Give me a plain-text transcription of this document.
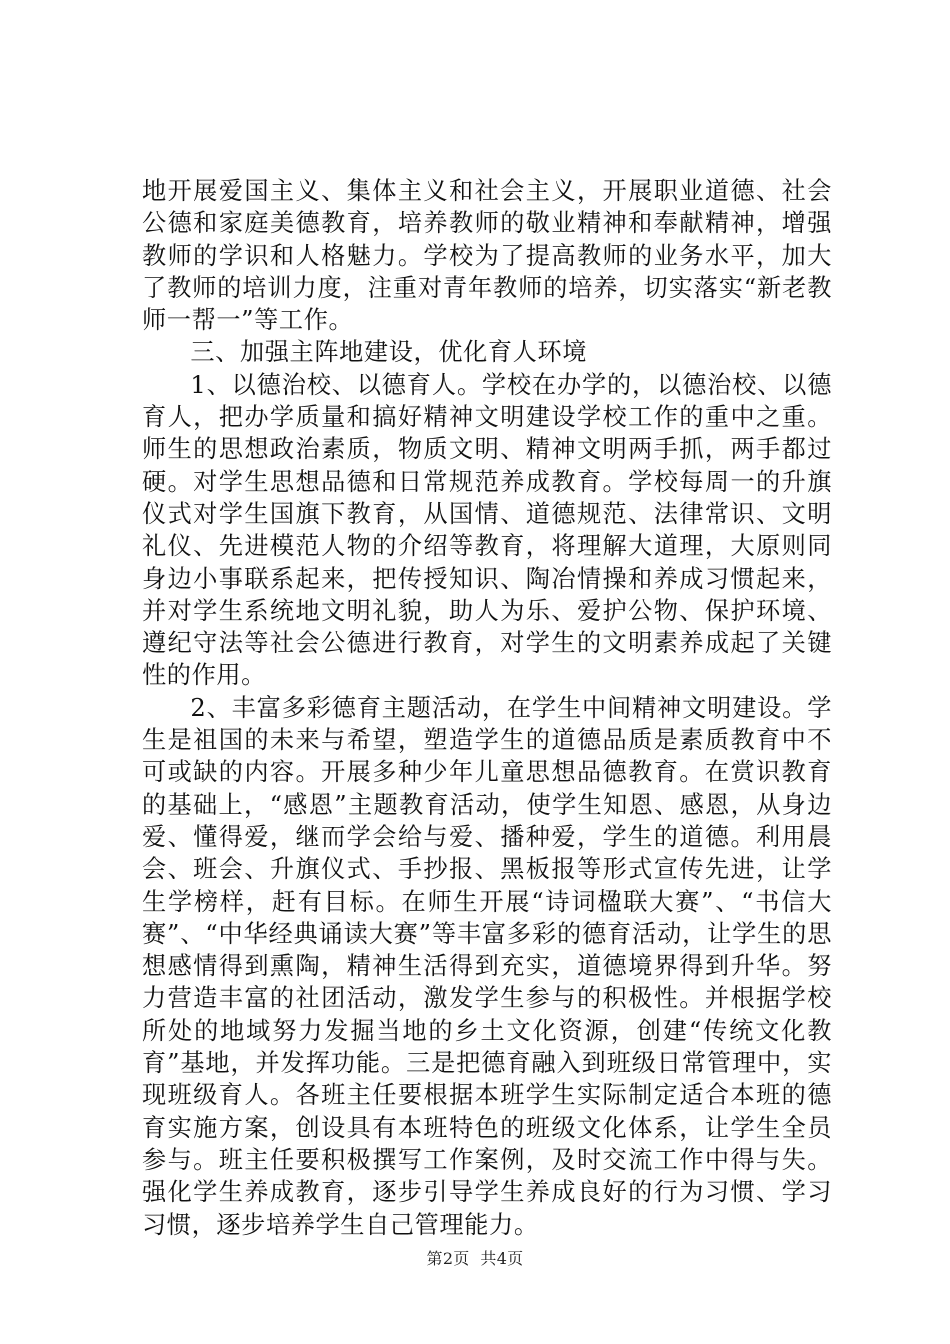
地开展爱国主义、集体主义和社会主义，开展职业道德、社会公德和家庭美德教育，培养教师的敬业精神和奉献精神，增强教师的学识和人格魅力。学校为了提高教师的业务水平，加大了教师的培训力度，注重对青年教师的培养，切实落实“新老教师一帮一”等工作。

三、加强主阵地建设，优化育人环境

1、以德治校、以德育人。学校在办学的，以德治校、以德育人，把办学质量和搞好精神文明建设学校工作的重中之重。师生的思想政治素质，物质文明、精神文明两手抓，两手都过硬。对学生思想品德和日常规范养成教育。学校每周一的升旗仪式对学生国旗下教育，从国情、道德规范、法律常识、文明礼仪、先进模范人物的介绍等教育，将理解大道理，大原则同身边小事联系起来，把传授知识、陶冶情操和养成习惯起来，并对学生系统地文明礼貌，助人为乐、爱护公物、保护环境、遵纪守法等社会公德进行教育，对学生的文明素养成起了关键性的作用。

2、丰富多彩德育主题活动，在学生中间精神文明建设。学生是祖国的未来与希望，塑造学生的道德品质是素质教育中不可或缺的内容。开展多种少年儿童思想品德教育。在赏识教育的基础上，“感恩”主题教育活动，使学生知恩、感恩，从身边爱、懂得爱，继而学会给与爱、播种爱，学生的道德。利用晨会、班会、升旗仪式、手抄报、黑板报等形式宣传先进，让学生学榜样，赶有目标。在师生开展“诗词楹联大赛”、“书信大赛”、“中华经典诵读大赛”等丰富多彩的德育活动，让学生的思想感情得到熏陶，精神生活得到充实，道德境界得到升华。努力营造丰富的社团活动，激发学生参与的积极性。并根据学校所处的地域努力发掘当地的乡土文化资源，创建“传统文化教育”基地，并发挥功能。三是把德育融入到班级日常管理中，实现班级育人。各班主任要根据本班学生实际制定适合本班的德育实施方案，创设具有本班特色的班级文化体系，让学生全员参与。班主任要积极撰写工作案例，及时交流工作中得与失。强化学生养成教育，逐步引导学生养成良好的行为习惯、学习习惯，逐步培养学生自己管理能力。

第2页 共4页
